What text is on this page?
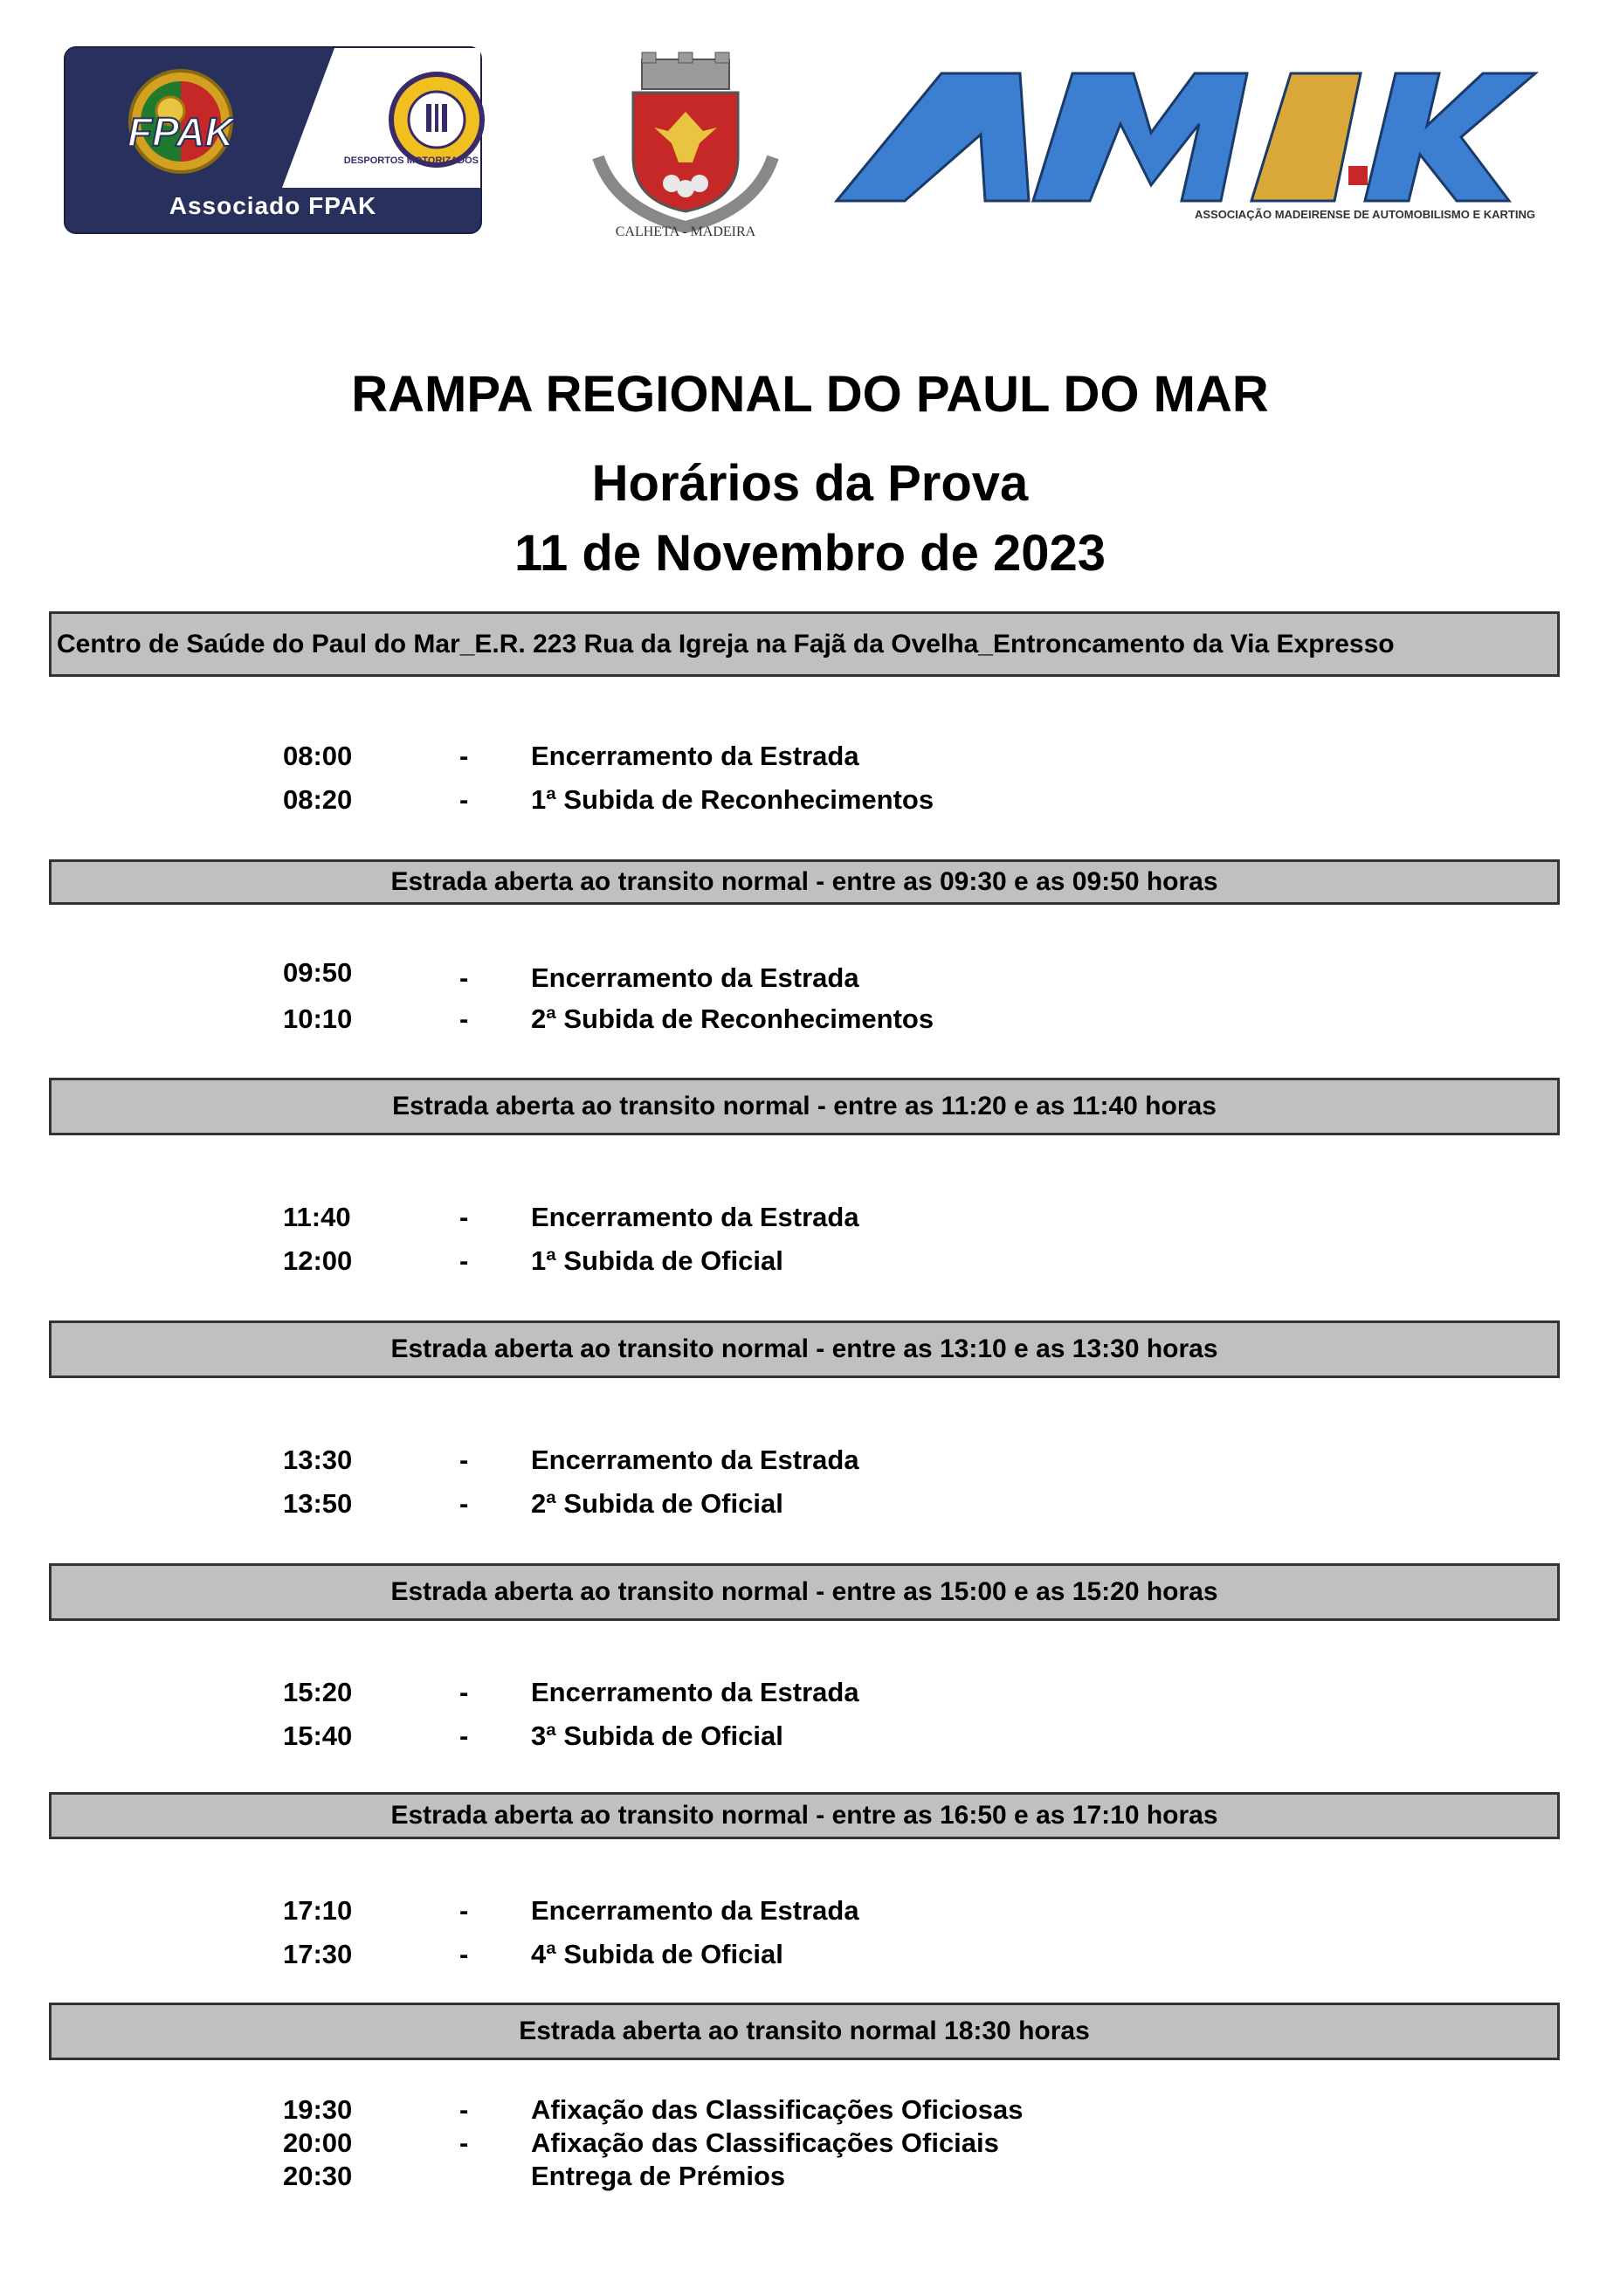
FPAK
DESPORTOS MOTORIZADOS
Associado FPAK
CALHETA - MADEIRA
ASSOCIAÇÃO MADEIRENSE DE AUTOMOBILISMO E KARTING
RAMPA REGIONAL DO PAUL DO MAR
Horários da Prova
11 de Novembro de 2023
Centro de Saúde do Paul do Mar_E.R. 223 Rua da Igreja na Fajã da Ovelha_Entroncamento da Via Expresso
08:00	- Encerramento da Estrada
08:20	- 1ª Subida de Reconhecimentos
Estrada aberta ao transito normal - entre as 09:30 e as 09:50 horas
09:50	- Encerramento da Estrada
10:10	- 2ª Subida de Reconhecimentos
Estrada aberta ao transito normal - entre as 11:20 e as 11:40 horas
11:40	- Encerramento da Estrada
12:00	- 1ª Subida de Oficial
Estrada aberta ao transito normal - entre as 13:10 e as 13:30 horas
13:30	- Encerramento da Estrada
13:50	- 2ª Subida de Oficial
Estrada aberta ao transito normal - entre as 15:00 e as 15:20 horas
15:20	- Encerramento da Estrada
15:40	- 3ª Subida de Oficial
Estrada aberta ao transito normal - entre as 16:50 e as 17:10 horas
17:10	- Encerramento da Estrada
17:30	- 4ª Subida de Oficial
Estrada aberta ao transito normal 18:30 horas
19:30	- Afixação das Classificações Oficiosas
20:00	- Afixação das Classificações Oficiais
20:30	Entrega de Prémios
